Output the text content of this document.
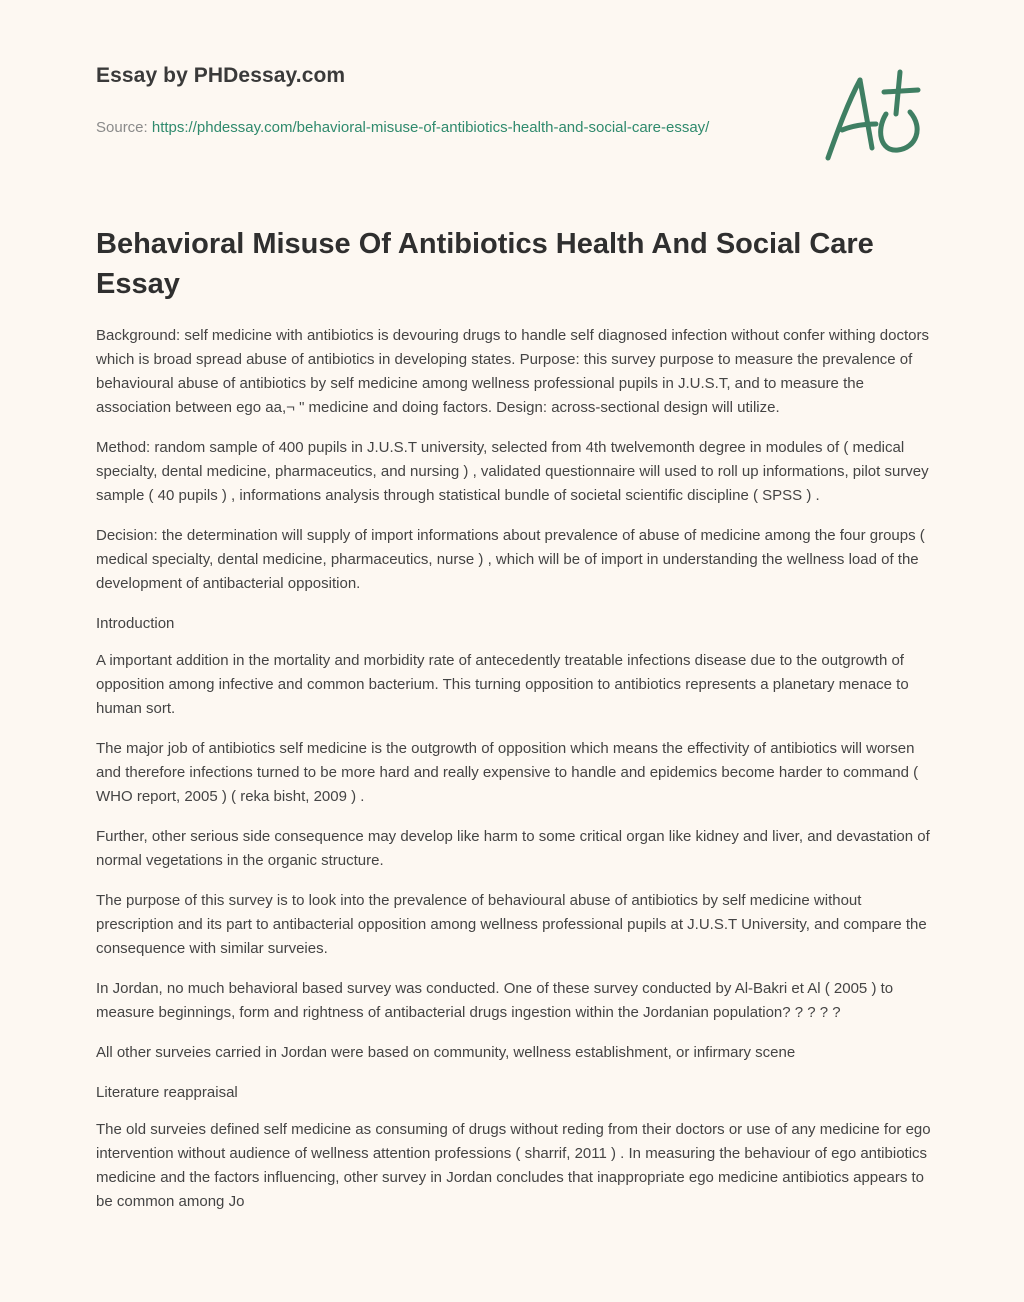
Essay by PHDessay.com
Source: https://phdessay.com/behavioral-misuse-of-antibiotics-health-and-social-care-essay/
Behavioral Misuse Of Antibiotics Health And Social Care Essay

Background: self medicine with antibiotics is devouring drugs to handle self diagnosed infection without confer withing doctors which is broad spread abuse of antibiotics in developing states. Purpose: this survey purpose to measure the prevalence of behavioural abuse of antibiotics by self medicine among wellness professional pupils in J.U.S.T, and to measure the association between ego aa,¬ " medicine and doing factors. Design: across-sectional design will utilize.

Method: random sample of 400 pupils in J.U.S.T university, selected from 4th twelvemonth degree in modules of ( medical specialty, dental medicine, pharmaceutics, and nursing ) , validated questionnaire will used to roll up informations, pilot survey sample ( 40 pupils ) , informations analysis through statistical bundle of societal scientific discipline ( SPSS ) .

Decision: the determination will supply of import informations about prevalence of abuse of medicine among the four groups ( medical specialty, dental medicine, pharmaceutics, nurse ) , which will be of import in understanding the wellness load of the development of antibacterial opposition.

Introduction

A important addition in the mortality and morbidity rate of antecedently treatable infections disease due to the outgrowth of opposition among infective and common bacterium. This turning opposition to antibiotics represents a planetary menace to human sort.

The major job of antibiotics self medicine is the outgrowth of opposition which means the effectivity of antibiotics will worsen and therefore infections turned to be more hard and really expensive to handle and epidemics become harder to command ( WHO report, 2005 ) ( reka bisht, 2009 ) .

Further, other serious side consequence may develop like harm to some critical organ like kidney and liver, and devastation of normal vegetations in the organic structure.

The purpose of this survey is to look into the prevalence of behavioural abuse of antibiotics by self medicine without prescription and its part to antibacterial opposition among wellness professional pupils at J.U.S.T University, and compare the consequence with similar surveies.

In Jordan, no much behavioral based survey was conducted. One of these survey conducted by Al-Bakri et Al ( 2005 ) to measure beginnings, form and rightness of antibacterial drugs ingestion within the Jordanian population? ? ? ? ?

All other surveies carried in Jordan were based on community, wellness establishment, or infirmary scene

Literature reappraisal

The old surveies defined self medicine as consuming of drugs without reding from their doctors or use of any medicine for ego intervention without audience of wellness attention professions ( sharrif, 2011 ) . In measuring the behaviour of ego antibiotics medicine and the factors influencing, other survey in Jordan concludes that inappropriate ego medicine antibiotics appears to be common among Jo
